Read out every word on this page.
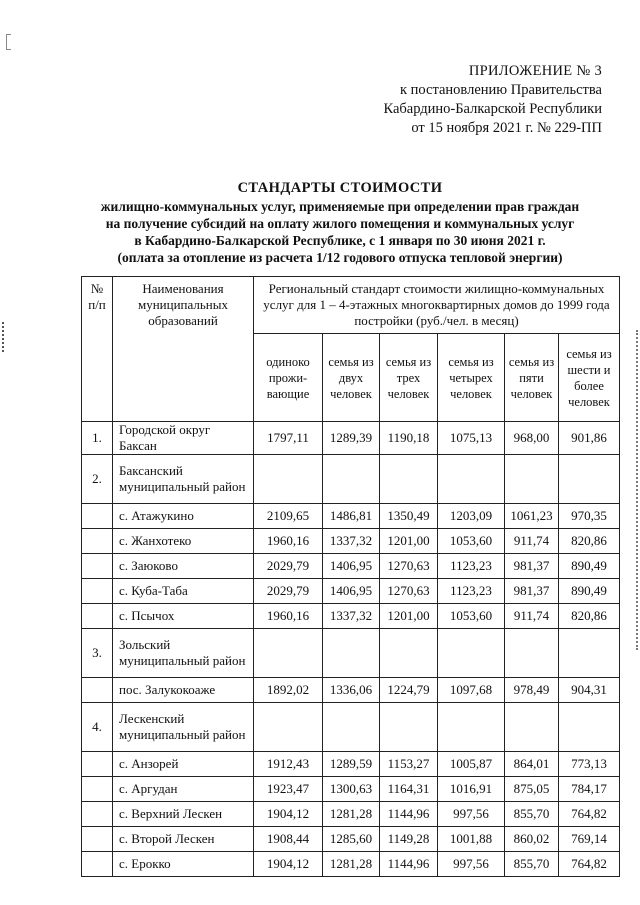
ПРИЛОЖЕНИЕ № 3
к постановлению Правительства
Кабардино-Балкарской Республики
от 15 ноября 2021 г. № 229-ПП
СТАНДАРТЫ СТОИМОСТИ
жилищно-коммунальных услуг, применяемые при определении прав граждан
на получение субсидий на оплату жилого помещения и коммунальных услуг
в Кабардино-Балкарской Республике, с 1 января по 30 июня 2021 г.
(оплата за отопление из расчета 1/12 годового отпуска тепловой энергии)
№ п/п	Наименования муниципальных образований	Региональный стандарт стоимости жилищно-коммунальных услуг для 1 – 4-этажных многоквартирных домов до 1999 года постройки (руб./чел. в месяц)					
		одиноко прожи-вающие	семья из двух человек	семья из трех человек	семья из четырех человек	семья из пяти человек	семья из шести и более человек
1.	Городской округ Баксан	1797,11	1289,39	1190,18	1075,13	968,00	901,86
2.	Баксанский муниципальный район						
	с. Атажукино	2109,65	1486,81	1350,49	1203,09	1061,23	970,35
	с. Жанхотеко	1960,16	1337,32	1201,00	1053,60	911,74	820,86
	с. Заюково	2029,79	1406,95	1270,63	1123,23	981,37	890,49
	с. Куба-Таба	2029,79	1406,95	1270,63	1123,23	981,37	890,49
	с. Псычох	1960,16	1337,32	1201,00	1053,60	911,74	820,86
3.	Зольский муниципальный район						
	пос. Залукокоаже	1892,02	1336,06	1224,79	1097,68	978,49	904,31
4.	Лескенский муниципальный район						
	с. Анзорей	1912,43	1289,59	1153,27	1005,87	864,01	773,13
	с. Аргудан	1923,47	1300,63	1164,31	1016,91	875,05	784,17
	с. Верхний Лескен	1904,12	1281,28	1144,96	997,56	855,70	764,82
	с. Второй Лескен	1908,44	1285,60	1149,28	1001,88	860,02	769,14
	с. Ерокко	1904,12	1281,28	1144,96	997,56	855,70	764,82
